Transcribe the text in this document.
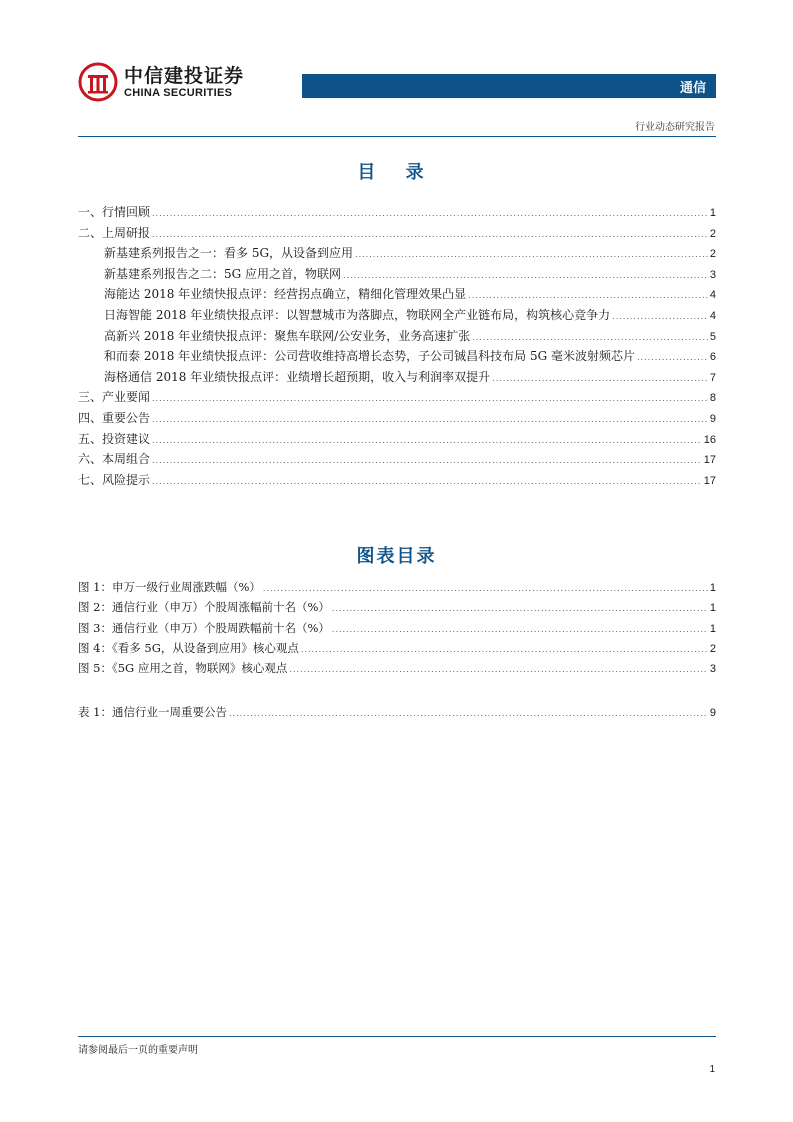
中信建投证券
CHINA SECURITIES	通信
行业动态研究报告
目 录
一、行情回顾 .....	1
二、上周研报 .....	2
新基建系列报告之一：看多 5G，从设备到应用 .....	2
新基建系列报告之二：5G 应用之首，物联网 .....	3
海能达 2018 年业绩快报点评：经营拐点确立，精细化管理效果凸显 .....	4
日海智能 2018 年业绩快报点评：以智慧城市为落脚点，物联网全产业链布局，构筑核心竞争力 .....	4
高新兴 2018 年业绩快报点评：聚焦车联网/公安业务，业务高速扩张 .....	5
和而泰 2018 年业绩快报点评：公司营收维持高增长态势，子公司铖昌科技布局 5G 毫米波射频芯片 .....	6
海格通信 2018 年业绩快报点评：业绩增长超预期，收入与利润率双提升 .....	7
三、产业要闻 .....	8
四、重要公告 .....	9
五、投资建议 .....	16
六、本周组合 .....	17
七、风险提示 .....	17
图表目录
图 1：申万一级行业周涨跌幅（%） .....	1
图 2：通信行业（申万）个股周涨幅前十名（%） .....	1
图 3：通信行业（申万）个股周跌幅前十名（%） .....	1
图 4：《看多 5G，从设备到应用》核心观点 .....	2
图 5：《5G 应用之首，物联网》核心观点 .....	3
表 1：通信行业一周重要公告 .....	9
请参阅最后一页的重要声明
1
